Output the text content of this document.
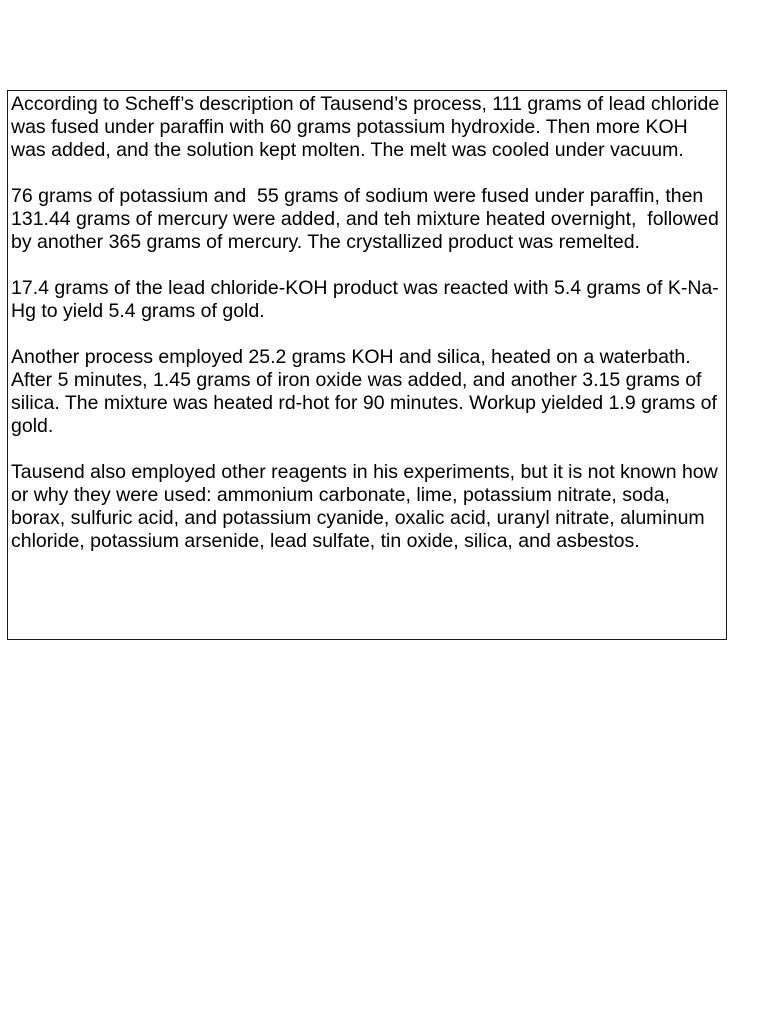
According to Scheff’s description of Tausend’s process, 111 grams of lead chloride was fused under paraffin with 60 grams potassium hydroxide. Then more KOH was added, and the solution kept molten. The melt was cooled under vacuum.

76 grams of potassium and  55 grams of sodium were fused under paraffin, then 131.44 grams of mercury were added, and teh mixture heated overnight,  followed by another 365 grams of mercury. The crystallized product was remelted.

17.4 grams of the lead chloride-KOH product was reacted with 5.4 grams of K-Na-Hg to yield 5.4 grams of gold.

Another process employed 25.2 grams KOH and silica, heated on a waterbath. After 5 minutes, 1.45 grams of iron oxide was added, and another 3.15 grams of silica. The mixture was heated rd-hot for 90 minutes. Workup yielded 1.9 grams of gold.

Tausend also employed other reagents in his experiments, but it is not known how or why they were used: ammonium carbonate, lime, potassium nitrate, soda, borax, sulfuric acid, and potassium cyanide, oxalic acid, uranyl nitrate, aluminum chloride, potassium arsenide, lead sulfate, tin oxide, silica, and asbestos.
